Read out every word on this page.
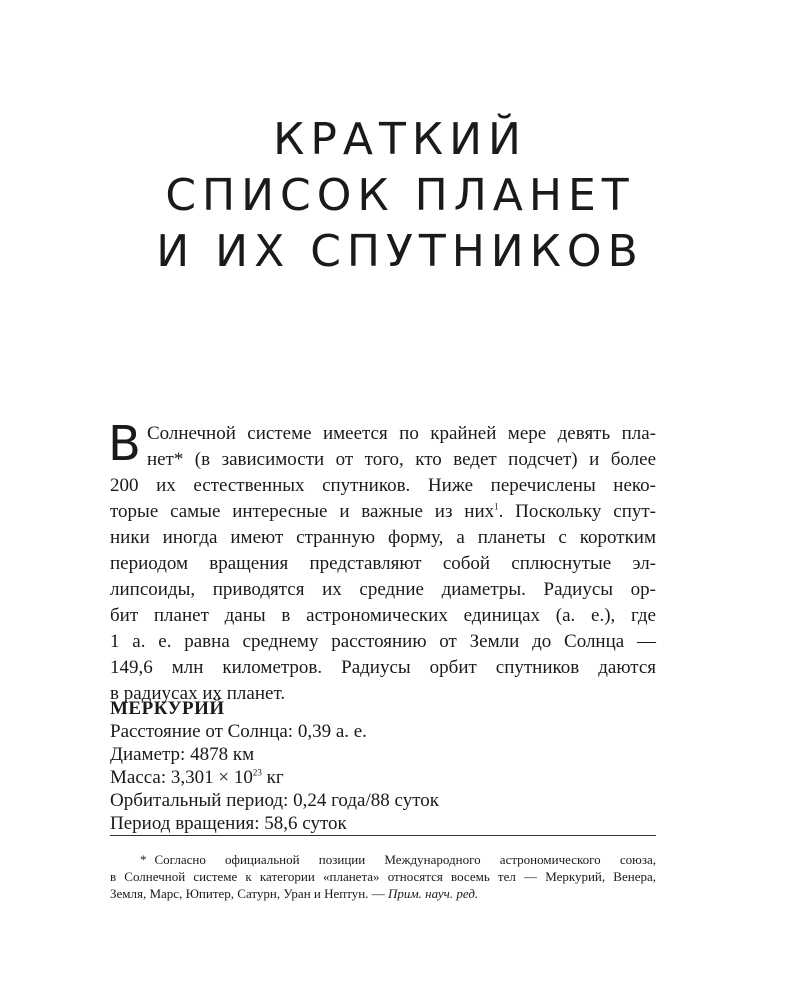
КРАТКИЙ
СПИСОК ПЛАНЕТ
И ИХ СПУТНИКОВ
В Солнечной системе имеется по крайней мере девять пла-
нет* (в зависимости от того, кто ведет подсчет) и более
200 их естественных спутников. Ниже перечислены неко-
торые самые интересные и важные из них$^1$. Поскольку спут-
ники иногда имеют странную форму, а планеты с коротким
периодом вращения представляют собой сплюснутые эл-
липсоиды, приводятся их средние диаметры. Радиусы ор-
бит планет даны в астрономических единицах (а. е.), где
1 а. е. равна среднему расстоянию от Земли до Солнца —
149,6 млн километров. Радиусы орбит спутников даются
в радиусах их планет.
МЕРКУРИЙ
Расстояние от Солнца: 0,39 а. е.
Диаметр: 4878 км
Масса: $3,301 \times 10^{23}$ кг
Орбитальный период: 0,24 года/88 суток
Период вращения: 58,6 суток
* Согласно официальной позиции Международного астрономического союза,
в Солнечной системе к категории «планета» относятся восемь тел — Меркурий, Венера,
Земля, Марс, Юпитер, Сатурн, Уран и Нептун. — Прим. науч. ред.
